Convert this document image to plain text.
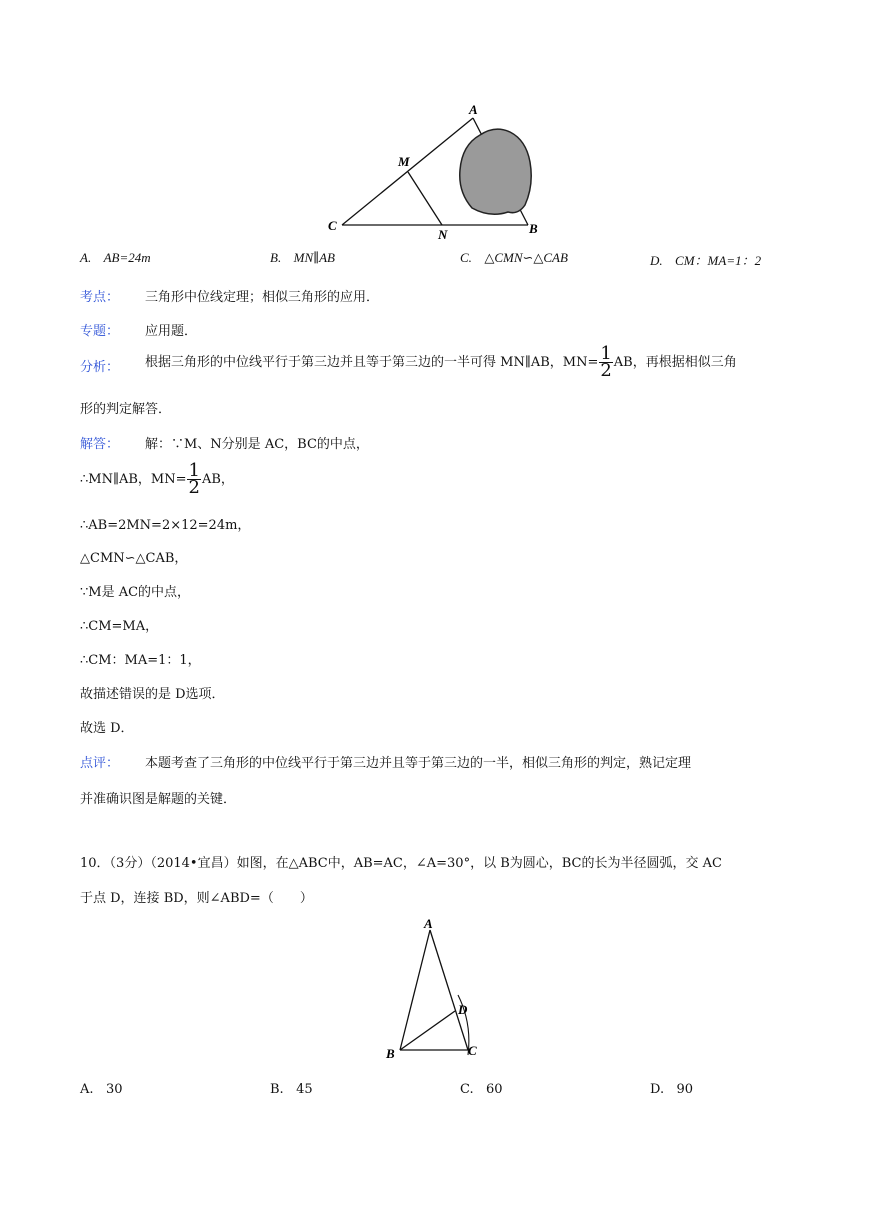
A
M
C
N	B
A. AB=24m	B. MN∥AB	C. △CMN∽△CAB	D. CM：MA=1：2
考点： 三角形中位线定理；相似三角形的应用．
专题： 应用题．
分析： 根据三角形的中位线平行于第三边并且等于第三边的一半可得 MN∥AB，$MN= \frac{1}{2}$ AB，再根据相似三角
形的判定解答．
解答： 解：∵M、N分别是 AC，BC的中点，
∴MN∥AB，$MN= \frac{1}{2}$ AB，
∴AB=2MN=2×12=24m，
△CMN∽△CAB，
∵M是 AC的中点，
∴CM=MA，
∴CM：MA=1：1，
故描述错误的是 D选项．
故选 D．
点评： 本题考查了三角形的中位线平行于第三边并且等于第三边的一半，相似三角形的判定，熟记定理
并准确识图是解题的关键．
10．（3分）（2014•宜昌）如图，在△ABC中，AB=AC，∠A=30°，以 B为圆心，BC的长为半径圆弧，交 AC
于点 D，连接 BD，则∠ABD=（　　）
A
D
B	C
A. 30	B. 45	C. 60	D. 90
